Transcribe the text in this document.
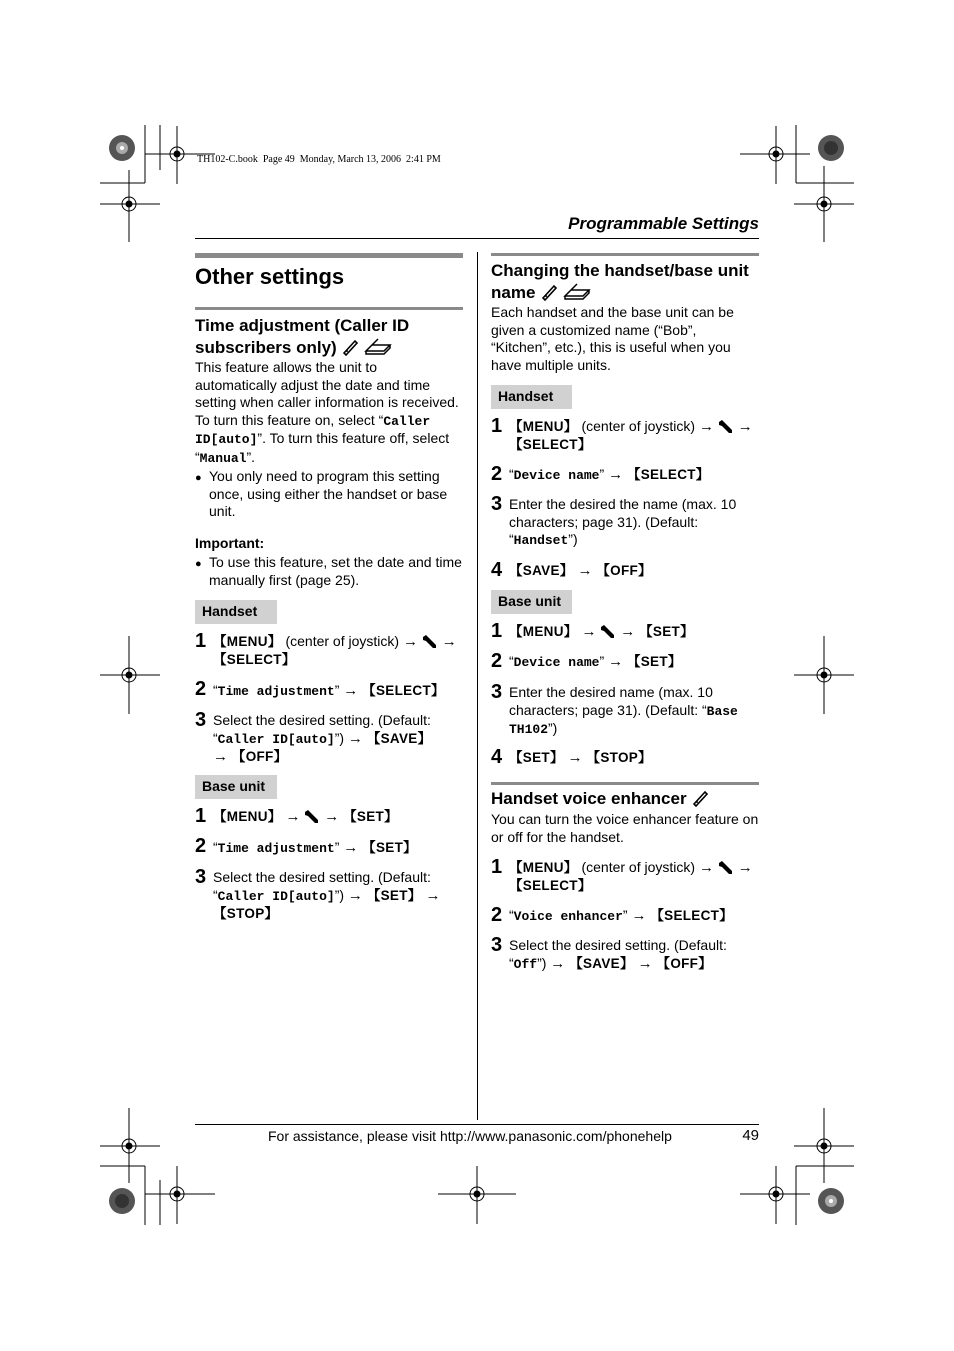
TH102-C.book  Page 49  Monday, March 13, 2006  2:41 PM
Programmable Settings
Other settings
Time adjustment (Caller ID
subscribers only)
This feature allows the unit to
automatically adjust the date and time
setting when caller information is received.
To turn this feature on, select “Caller
ID[auto]”. To turn this feature off, select
“Manual”.
● You only need to program this setting
once, using either the handset or base
unit.
Important:
● To use this feature, set the date and time
manually first (page 25).
Handset
1 【MENU】 (center of joystick) → →
【SELECT】
2 “Time adjustment” → 【SELECT】
3 Select the desired setting. (Default:
“Caller ID[auto]”) → 【SAVE】
→ 【OFF】
Base unit
1 【MENU】 → → 【SET】
2 “Time adjustment” → 【SET】
3 Select the desired setting. (Default:
“Caller ID[auto]”) → 【SET】 →
【STOP】
Changing the handset/base unit
name
Each handset and the base unit can be
given a customized name (“Bob”,
“Kitchen”, etc.), this is useful when you
have multiple units.
Handset
1 【MENU】 (center of joystick) → →
【SELECT】
2 “Device name” → 【SELECT】
3 Enter the desired the name (max. 10
characters; page 31). (Default:
“Handset”)
4 【SAVE】 → 【OFF】
Base unit
1 【MENU】 → → 【SET】
2 “Device name” → 【SET】
3 Enter the desired name (max. 10
characters; page 31). (Default: “Base
TH102”)
4 【SET】 → 【STOP】
Handset voice enhancer
You can turn the voice enhancer feature on
or off for the handset.
1 【MENU】 (center of joystick) → →
【SELECT】
2 “Voice enhancer” → 【SELECT】
3 Select the desired setting. (Default:
“Off”) → 【SAVE】 → 【OFF】
For assistance, please visit http://www.panasonic.com/phonehelp	49
